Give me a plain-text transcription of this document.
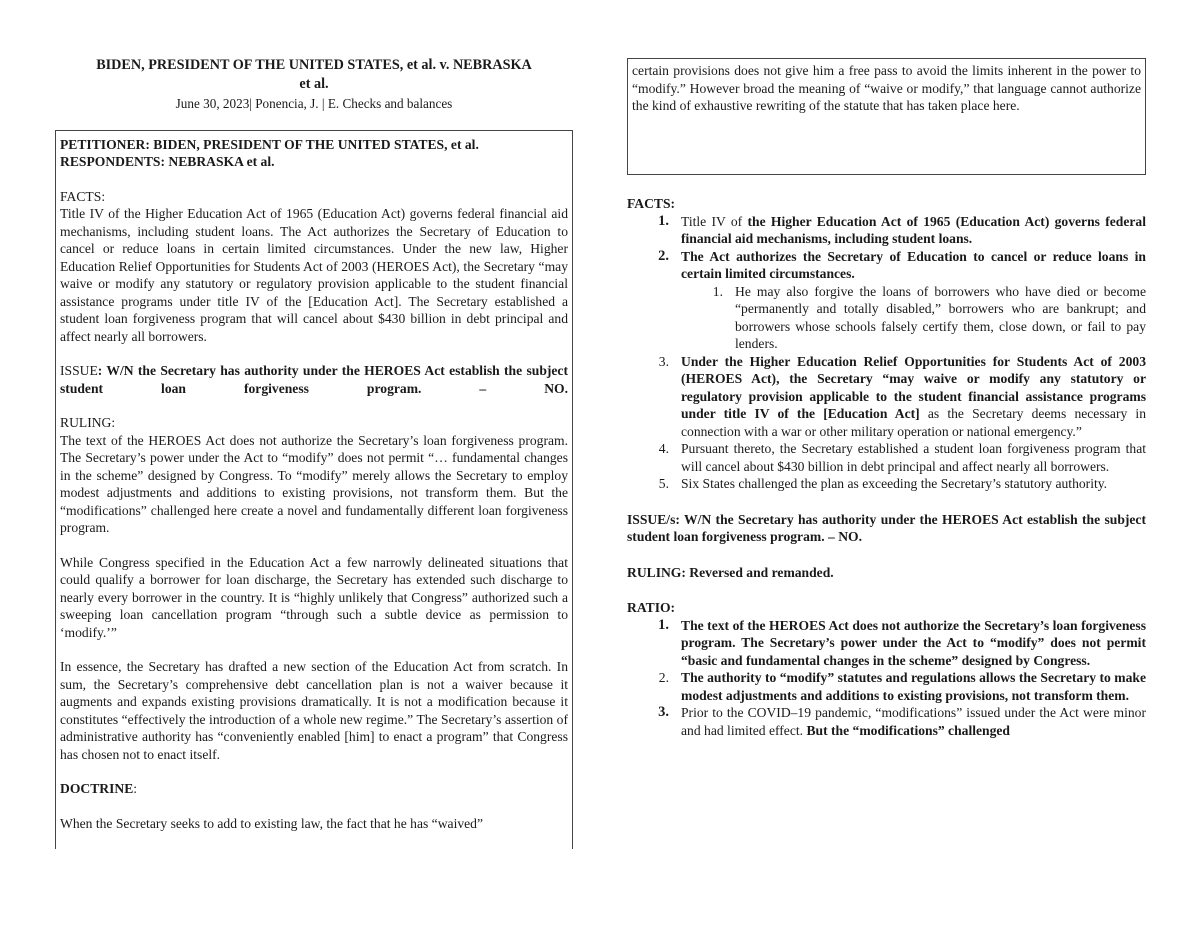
BIDEN, PRESIDENT OF THE UNITED STATES, et al. v. NEBRASKA
et al.
June 30, 2023| Ponencia, J. | E. Checks and balances

PETITIONER: BIDEN, PRESIDENT OF THE UNITED STATES, et al.

RESPONDENTS: NEBRASKA et al.

FACTS:

Title IV of the Higher Education Act of 1965 (Education Act) governs federal financial aid mechanisms, including student loans. The Act authorizes the Secretary of Education to cancel or reduce loans in certain limited circumstances. Under the new law, Higher Education Relief Opportunities for Students Act of 2003 (HEROES Act), the Secretary “may waive or modify any statutory or regulatory provision applicable to the student financial assistance programs under title IV of the [Education Act]. The Secretary established a student loan forgiveness program that will cancel about $430 billion in debt principal and affect nearly all borrowers.

ISSUE: W/N the Secretary has authority under the HEROES Act establish the subject student loan forgiveness program. – NO.

RULING:

The text of the HEROES Act does not authorize the Secretary’s loan forgiveness program. The Secretary’s power under the Act to “modify” does not permit “… fundamental changes in the scheme” designed by Congress. To “modify” merely allows the Secretary to employ modest adjustments and additions to existing provisions, not transform them. But the “modifications” challenged here create a novel and fundamentally different loan forgiveness program.

While Congress specified in the Education Act a few narrowly delineated situations that could qualify a borrower for loan discharge, the Secretary has extended such discharge to nearly every borrower in the country. It is “highly unlikely that Congress” authorized such a sweeping loan cancellation program “through such a subtle device as permission to ‘modify.’”

In essence, the Secretary has drafted a new section of the Education Act from scratch. In sum, the Secretary’s comprehensive debt cancellation plan is not a waiver because it augments and expands existing provisions dramatically. It is not a modification because it constitutes “effectively the introduction of a whole new regime.” The Secretary’s assertion of administrative authority has “conveniently enabled [him] to enact a program” that Congress has chosen not to enact itself.

DOCTRINE:

When the Secretary seeks to add to existing law, the fact that he has “waived”

certain provisions does not give him a free pass to avoid the limits inherent in the power to “modify.” However broad the meaning of “waive or modify,” that language cannot authorize the kind of exhaustive rewriting of the statute that has taken place here.
FACTS:
1. Title IV of the Higher Education Act of 1965 (Education Act) governs federal financial aid mechanisms, including student loans.
2. The Act authorizes the Secretary of Education to cancel or reduce loans in certain limited circumstances.
1. He may also forgive the loans of borrowers who have died or become “permanently and totally disabled,” borrowers who are bankrupt; and borrowers whose schools falsely certify them, close down, or fail to pay lenders.
3. Under the Higher Education Relief Opportunities for Students Act of 2003 (HEROES Act), the Secretary “may waive or modify any statutory or regulatory provision applicable to the student financial assistance programs under title IV of the [Education Act] as the Secretary deems necessary in connection with a war or other military operation or national emergency.”
4. Pursuant thereto, the Secretary established a student loan forgiveness program that will cancel about $430 billion in debt principal and affect nearly all borrowers.
5. Six States challenged the plan as exceeding the Secretary’s statutory authority.
ISSUE/s: W/N the Secretary has authority under the HEROES Act establish the subject student loan forgiveness program. – NO.
RULING: Reversed and remanded.
RATIO:
1. The text of the HEROES Act does not authorize the Secretary’s loan forgiveness program. The Secretary’s power under the Act to “modify” does not permit “basic and fundamental changes in the scheme” designed by Congress.
2. The authority to “modify” statutes and regulations allows the Secretary to make modest adjustments and additions to existing provisions, not transform them.
3. Prior to the COVID–19 pandemic, “modifications” issued under the Act were minor and had limited effect. But the “modifications” challenged
